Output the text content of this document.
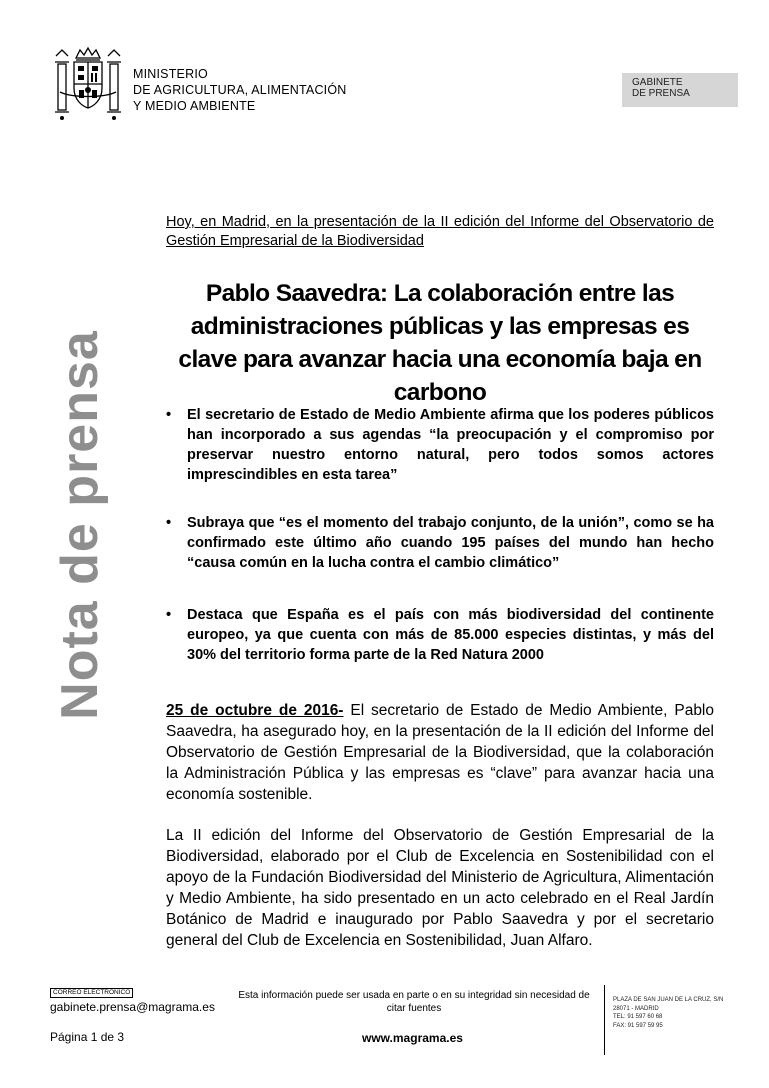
MINISTERIO
DE AGRICULTURA, ALIMENTACIÓN
Y MEDIO AMBIENTE
GABINETE
DE PRENSA
Nota de prensa
Hoy, en Madrid, en la presentación de la II edición del Informe del Observatorio de Gestión Empresarial de la Biodiversidad
Pablo Saavedra: La colaboración entre las administraciones públicas y las empresas es clave para avanzar hacia una economía baja en carbono
• El secretario de Estado de Medio Ambiente afirma que los poderes públicos han incorporado a sus agendas “la preocupación y el compromiso por preservar nuestro entorno natural, pero todos somos actores imprescindibles en esta tarea”
• Subraya que “es el momento del trabajo conjunto, de la unión”, como se ha confirmado este último año cuando 195 países del mundo han hecho “causa común en la lucha contra el cambio climático”
• Destaca que España es el país con más biodiversidad del continente europeo, ya que cuenta con más de 85.000 especies distintas, y más del 30% del territorio forma parte de la Red Natura 2000
25 de octubre de 2016- El secretario de Estado de Medio Ambiente, Pablo Saavedra, ha asegurado hoy, en la presentación de la II edición del Informe del Observatorio de Gestión Empresarial de la Biodiversidad, que la colaboración la Administración Pública y las empresas es “clave” para avanzar hacia una economía sostenible.
La II edición del Informe del Observatorio de Gestión Empresarial de la Biodiversidad, elaborado por el Club de Excelencia en Sostenibilidad con el apoyo de la Fundación Biodiversidad del Ministerio de Agricultura, Alimentación y Medio Ambiente, ha sido presentado en un acto celebrado en el Real Jardín Botánico de Madrid e inaugurado por Pablo Saavedra y por el secretario general del Club de Excelencia en Sostenibilidad, Juan Alfaro.
CORREO ELECTRÓNICO
gabinete.prensa@magrama.es
Esta información puede ser usada en parte o en su integridad sin necesidad de citar fuentes
Página 1 de 3	www.magrama.es
PLAZA DE SAN JUAN DE LA CRUZ, S/N
28071 - MADRID
TEL: 91 597 60 68
FAX: 91 597 59 95
